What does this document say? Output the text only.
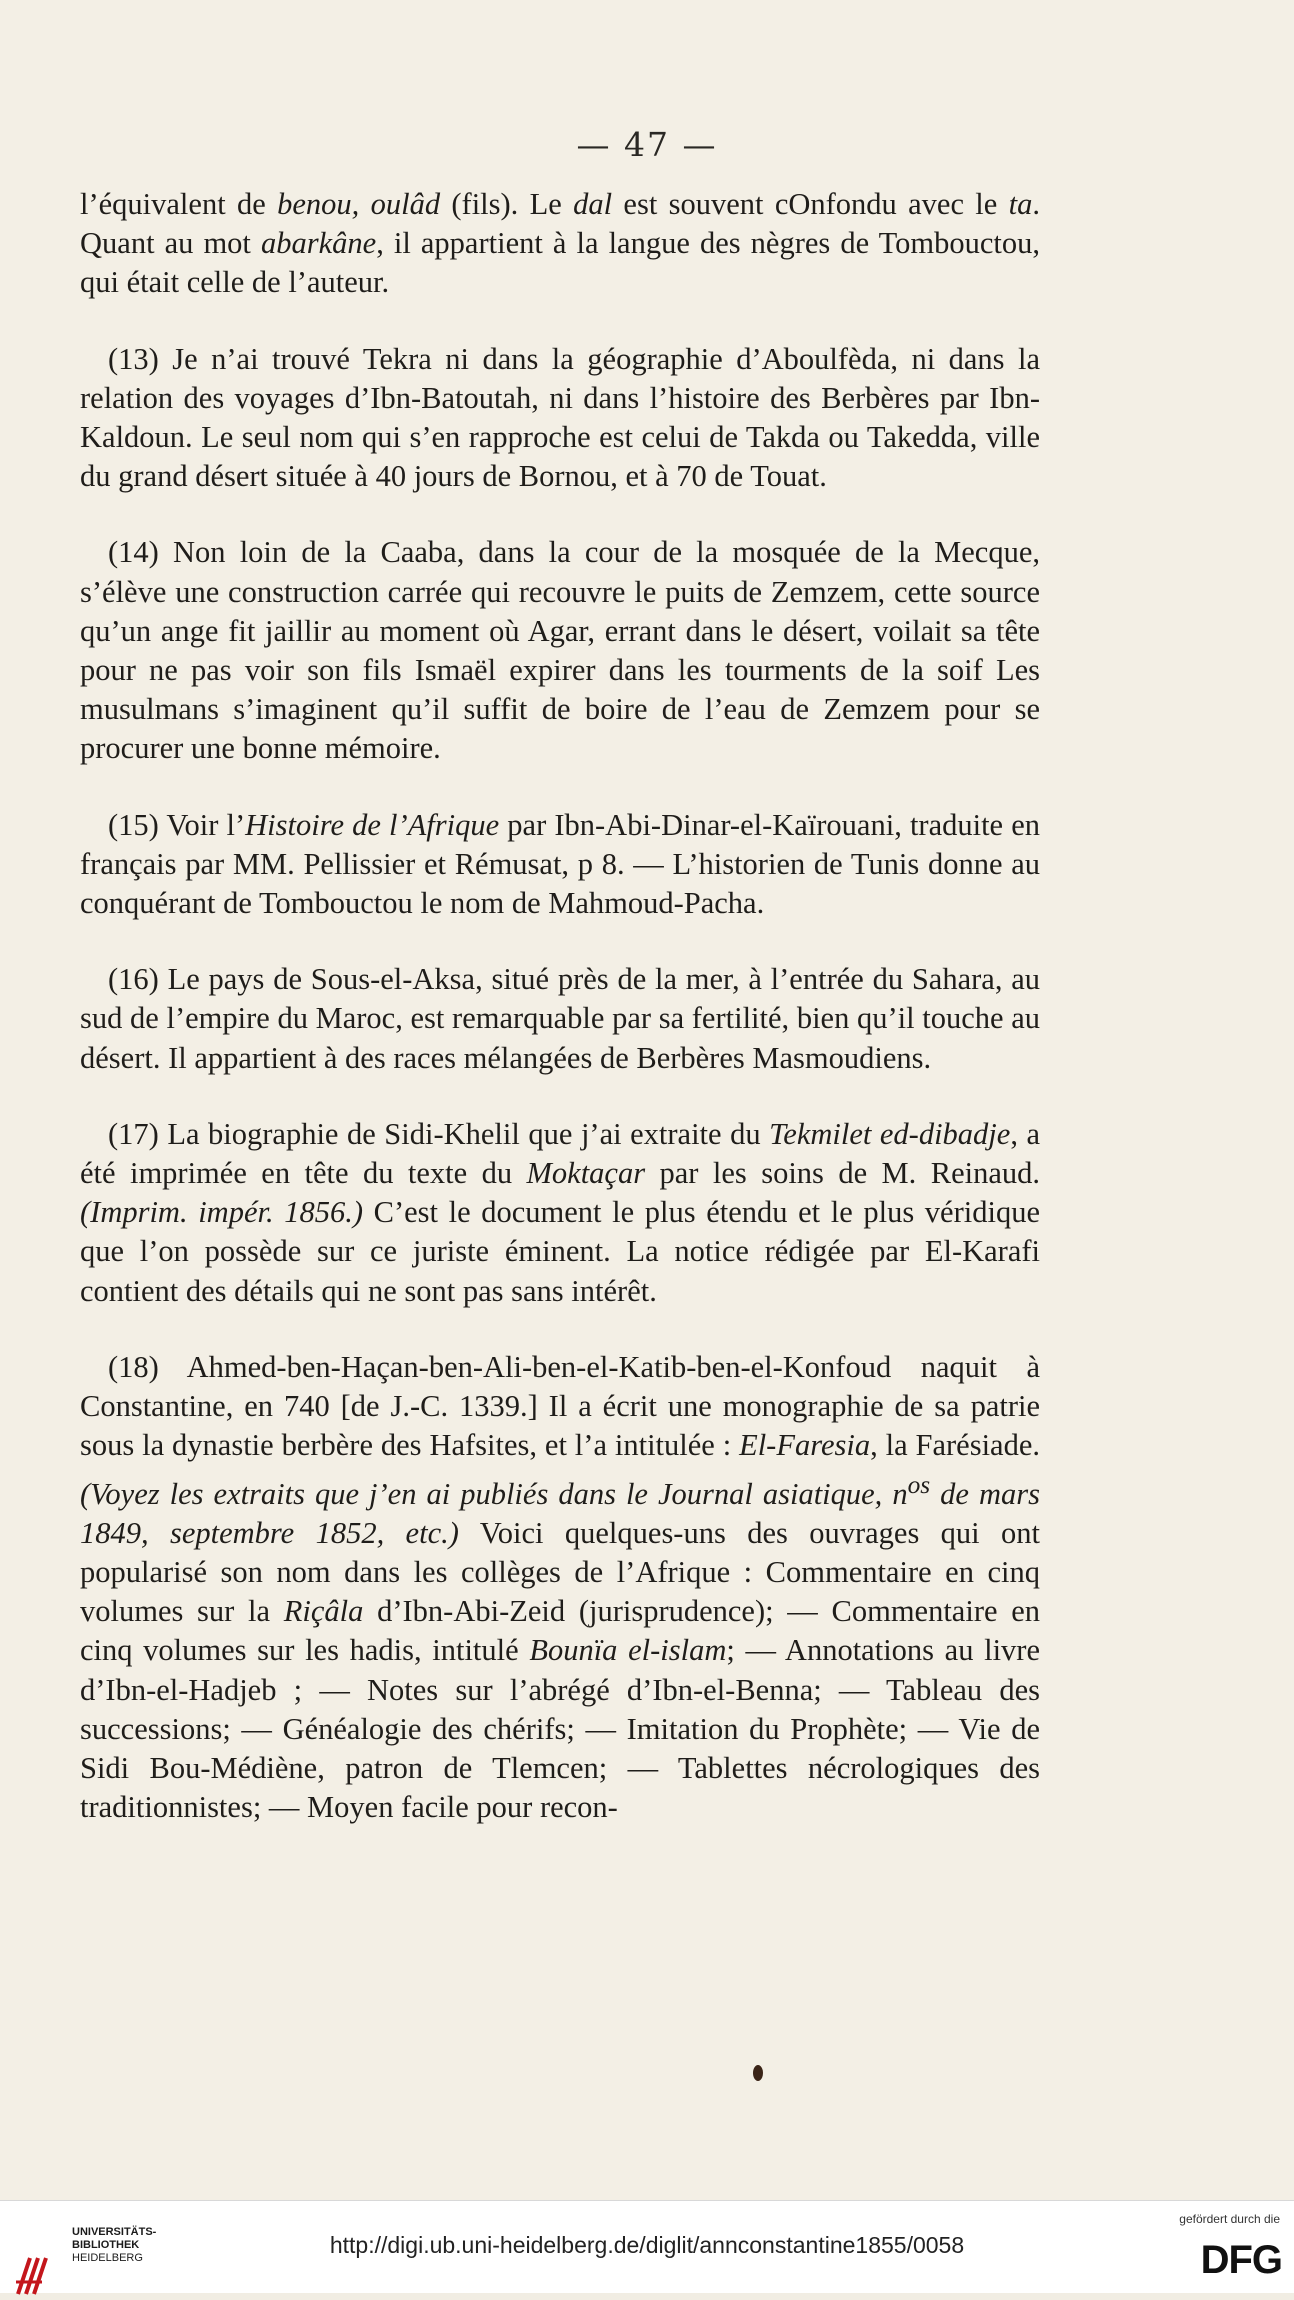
— 47 —

l’équivalent de benou, oulâd (fils). Le dal est souvent cOnfondu avec le ta. Quant au mot abarkâne, il appartient à la langue des nègres de Tombouctou, qui était celle de l’auteur.

(13) Je n’ai trouvé Tekra ni dans la géographie d’Aboulfèda, ni dans la relation des voyages d’Ibn-Batoutah, ni dans l’histoire des Berbères par Ibn-Kaldoun. Le seul nom qui s’en rapproche est celui de Takda ou Takedda, ville du grand désert située à 40 jours de Bornou, et à 70 de Touat.

(14) Non loin de la Caaba, dans la cour de la mosquée de la Mecque, s’élève une construction carrée qui recouvre le puits de Zemzem, cette source qu’un ange fit jaillir au moment où Agar, errant dans le désert, voilait sa tête pour ne pas voir son fils Ismaël expirer dans les tourments de la soif Les musulmans s’imaginent qu’il suffit de boire de l’eau de Zemzem pour se procurer une bonne mémoire.

(15) Voir l’Histoire de l’Afrique par Ibn-Abi-Dinar-el-Kaïrouani, traduite en français par MM. Pellissier et Rémusat, p 8. — L’historien de Tunis donne au conquérant de Tombouctou le nom de Mahmoud-Pacha.

(16) Le pays de Sous-el-Aksa, situé près de la mer, à l’entrée du Sahara, au sud de l’empire du Maroc, est remarquable par sa fertilité, bien qu’il touche au désert. Il appartient à des races mélangées de Berbères Masmoudiens.

(17) La biographie de Sidi-Khelil que j’ai extraite du Tekmilet ed-dibadje, a été imprimée en tête du texte du Moktaçar par les soins de M. Reinaud. (Imprim. impér. 1856.) C’est le document le plus étendu et le plus véridique que l’on possède sur ce juriste éminent. La notice rédigée par El-Karafi contient des détails qui ne sont pas sans intérêt.

(18) Ahmed-ben-Haçan-ben-Ali-ben-el-Katib-ben-el-Konfoud naquit à Constantine, en 740 [de J.-C. 1339.] Il a écrit une monographie de sa patrie sous la dynastie berbère des Hafsites, et l’a intitulée : El-Faresia, la Farésiade. (Voyez les extraits que j’en ai publiés dans le Journal asiatique, $n^{os}$ de mars 1849, septembre 1852, etc.) Voici quelques-uns des ouvrages qui ont popularisé son nom dans les collèges de l’Afrique : Commentaire en cinq volumes sur la Riçâla d’Ibn-Abi-Zeid (jurisprudence); — Commentaire en cinq volumes sur les hadis, intitulé Bounïa el-islam; — Annotations au livre d’Ibn-el-Hadjeb ; — Notes sur l’abrégé d’Ibn-el-Benna; — Tableau des successions; — Généalogie des chérifs; — Imitation du Prophète; — Vie de Sidi Bou-Médiène, patron de Tlemcen; — Tablettes nécrologiques des traditionnistes; — Moyen facile pour recon-

UNIVERSITÄTS-
BIBLIOTHEK
HEIDELBERG	http://digi.ub.uni-heidelberg.de/diglit/annconstantine1855/0058
gefördert durch die
DFG
